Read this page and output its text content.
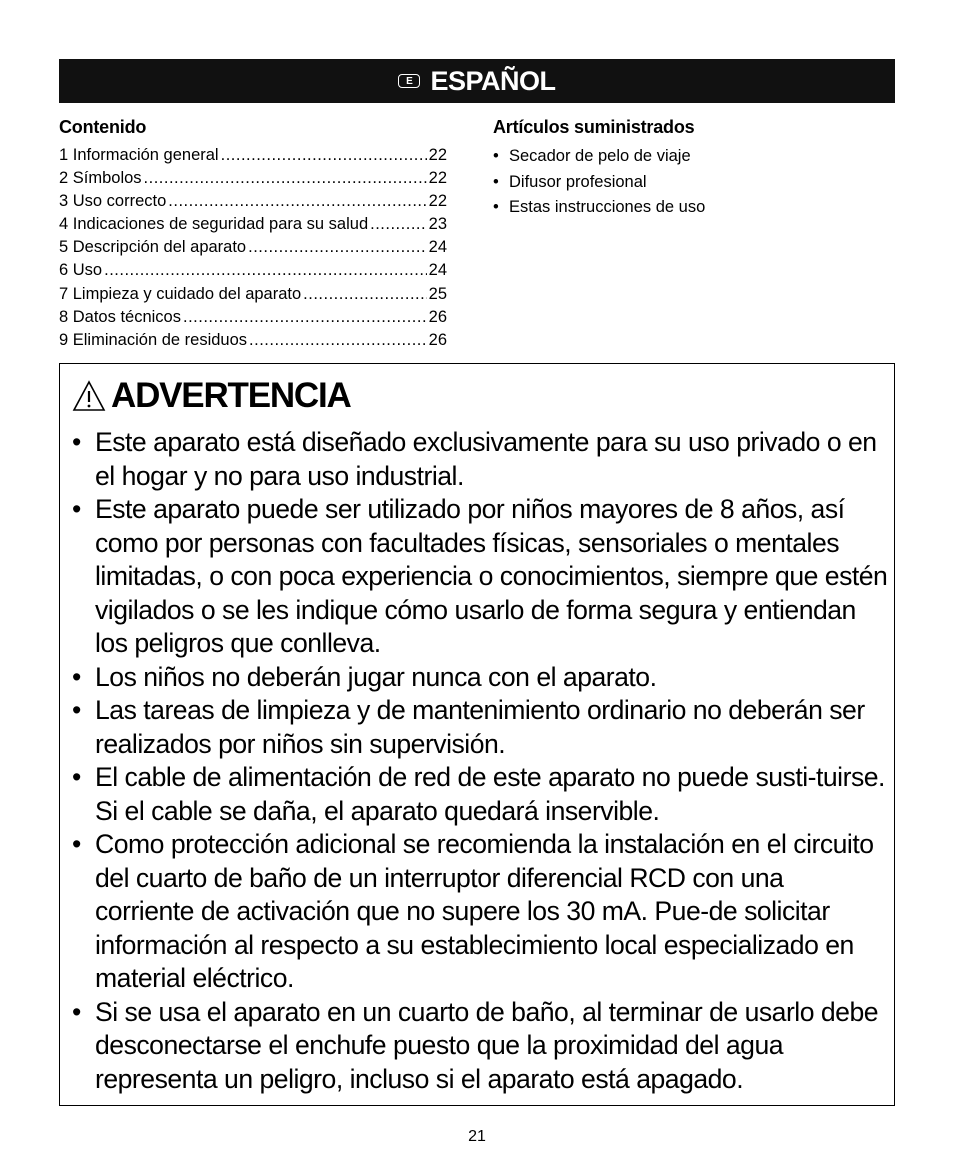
E ESPAÑOL
Contenido
1 Información general .....	22
2 Símbolos .....	22
3 Uso correcto .....	22
4 Indicaciones de seguridad para su salud .....	23
5 Descripción del aparato .....	24
6 Uso .....	24
7 Limpieza y cuidado del aparato .....	25
8 Datos técnicos .....	26
9 Eliminación de residuos .....	26
Artículos suministrados
• Secador de pelo de viaje
• Difusor profesional
• Estas instrucciones de uso
ADVERTENCIA
• Este aparato está diseñado exclusivamente para su uso privado o en el hogar y no para uso industrial.
• Este aparato puede ser utilizado por niños mayores de 8 años, así como por personas con facultades físicas, sensoriales o mentales limitadas, o con poca experiencia o conocimientos, siempre que estén vigilados o se les indique cómo usarlo de forma segura y entiendan los peligros que conlleva.
• Los niños no deberán jugar nunca con el aparato.
• Las tareas de limpieza y de mantenimiento ordinario no deberán ser realizados por niños sin supervisión.
• El cable de alimentación de red de este aparato no puede susti-tuirse. Si el cable se daña, el aparato quedará inservible.
• Como protección adicional se recomienda la instalación en el circuito del cuarto de baño de un interruptor diferencial RCD con una corriente de activación que no supere los 30 mA. Pue-de solicitar información al respecto a su establecimiento local especializado en material eléctrico.
• Si se usa el aparato en un cuarto de baño, al terminar de usarlo debe desconectarse el enchufe puesto que la proximidad del agua representa un peligro, incluso si el aparato está apagado.
21
